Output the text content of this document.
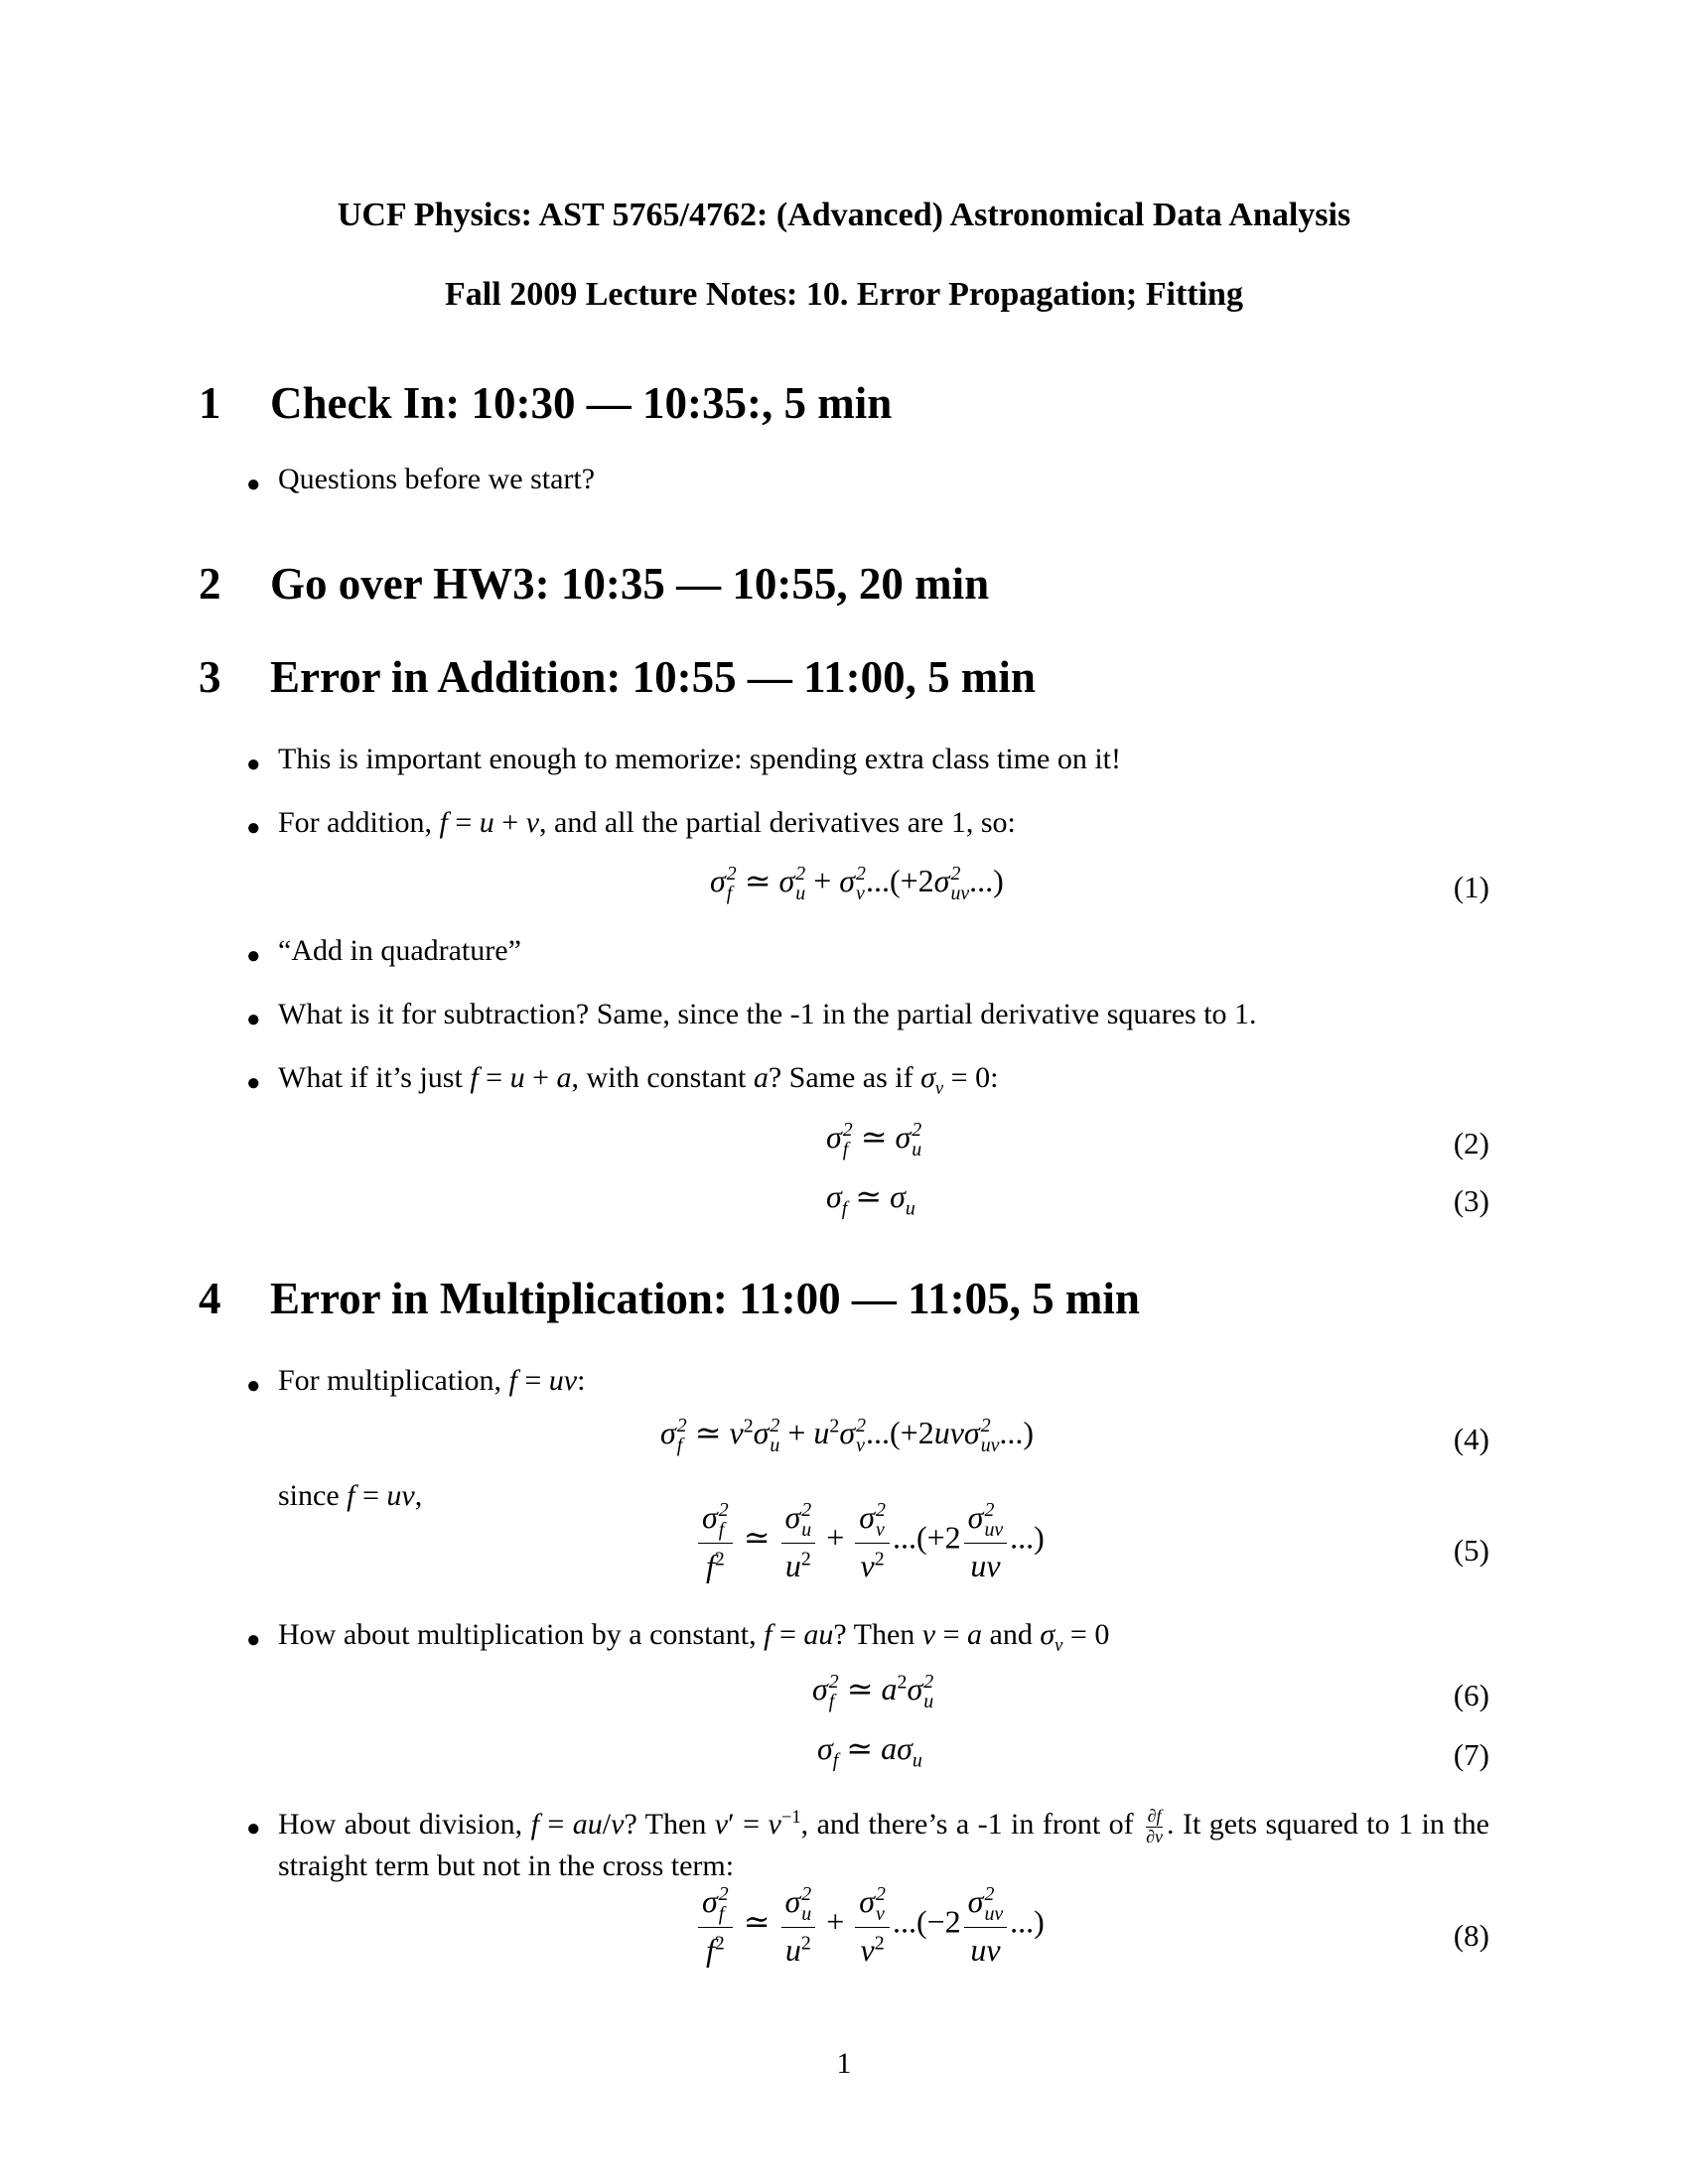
UCF Physics: AST 5765/4762: (Advanced) Astronomical Data Analysis
Fall 2009 Lecture Notes: 10. Error Propagation; Fitting
1 Check In: 10:30 — 10:35:, 5 min
● Questions before we start?
2 Go over HW3: 10:35 — 10:55, 20 min
3 Error in Addition: 10:55 — 11:00, 5 min
● This is important enough to memorize: spending extra class time on it!
● For addition, f = u + v, and all the partial derivatives are 1, so:
σ 2
f ≃ σ 2
u + σ 2
v ...(+2σ 2
uv ...)	(1)
● “Add in quadrature”
● What is it for subtraction? Same, since the -1 in the partial derivative squares to 1.
● What if it’s just f = u + a, with constant a? Same as if $\sigma_v = 0$:
σ 2
f ≃ σ 2
u	(2)
$\sigma_f$ ≃ $\sigma_u$	(3)
4 Error in Multiplication: 11:00 — 11:05, 5 min
● For multiplication, f = uv:
σ 2
f ≃ $v^2\sigma$ 2
$u + u^2\sigma$ 2
v ...(+2uvσ 2
uv ...)	(4)
since f = uv,
σ 2
f
$f^2$ ≃ σ 2
u
$u^2 + \sigma$ 2
v
$v^2$ ...(+2 σ 2
uv
uv ...)	(5)
● How about multiplication by a constant, f = au? Then v = a and $\sigma_v = 0$
σ 2
f ≃ $a^2\sigma$ 2
u	(6)
$\sigma_f$ ≃ $a\sigma_u$	(7)
● How about division, f = au/v? Then $v' = v^{-1}$, and there’s a -1 in front of $\frac{\partial f}{\partial v}$ . It gets squared to 1 in the straight term but not in the cross term:
σ 2
f
$f^2$ ≃ σ 2
u
$u^2 + \sigma$ 2
v
$v^2$ ...(−2 σ 2
uv
uv ...)	(8)
1
